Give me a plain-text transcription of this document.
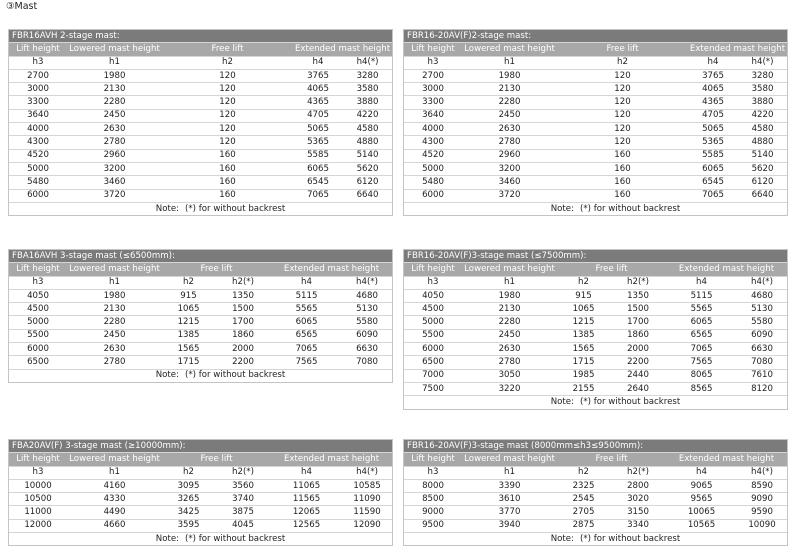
③Mast
FBR16AVH 2-stage mast:				
Lift height	Lowered mast height	Free lift	Extended mast height	
h3	h1	h2	h4	h4(*)
2700	1980	120	3765	3280
3000	2130	120	4065	3580
3300	2280	120	4365	3880
3640	2450	120	4705	4220
4000	2630	120	5065	4580
4300	2780	120	5365	4880
4520	2960	160	5585	5140
5000	3200	160	6065	5620
5480	3460	160	6545	6120
6000	3720	160	7065	6640
Note: (*) for without backrest				
FBR16-20AV(F)2-stage mast:				
Lift height	Lowered mast height	Free lift	Extended mast height	
h3	h1	h2	h4	h4(*)
2700	1980	120	3765	3280
3000	2130	120	4065	3580
3300	2280	120	4365	3880
3640	2450	120	4705	4220
4000	2630	120	5065	4580
4300	2780	120	5365	4880
4520	2960	160	5585	5140
5000	3200	160	6065	5620
5480	3460	160	6545	6120
6000	3720	160	7065	6640
Note: (*) for without backrest				
FBA16AVH 3-stage mast (≤6500mm):					
Lift height	Lowered mast height	Free lift		Extended mast height	
h3	h1	h2	h2(*)	h4	h4(*)
4050	1980	915	1350	5115	4680
4500	2130	1065	1500	5565	5130
5000	2280	1215	1700	6065	5580
5500	2450	1385	1860	6565	6090
6000	2630	1565	2000	7065	6630
6500	2780	1715	2200	7565	7080
Note: (*) for without backrest					
FBR16-20AV(F)3-stage mast (≤7500mm):					
Lift height	Lowered mast height	Free lift		Extended mast height	
h3	h1	h2	h2(*)	h4	h4(*)
4050	1980	915	1350	5115	4680
4500	2130	1065	1500	5565	5130
5000	2280	1215	1700	6065	5580
5500	2450	1385	1860	6565	6090
6000	2630	1565	2000	7065	6630
6500	2780	1715	2200	7565	7080
7000	3050	1985	2440	8065	7610
7500	3220	2155	2640	8565	8120
Note: (*) for without backrest					
FBA20AV(F) 3-stage mast (≥10000mm):					
Lift height	Lowered mast height	Free lift		Extended mast height	
h3	h1	h2	h2(*)	h4	h4(*)
10000	4160	3095	3560	11065	10585
10500	4330	3265	3740	11565	11090
11000	4490	3425	3875	12065	11590
12000	4660	3595	4045	12565	12090
Note: (*) for without backrest					
FBR16-20AV(F)3-stage mast (8000mm≤h3≤9500mm):					
Lift height	Lowered mast height	Free lift		Extended mast height	
h3	h1	h2	h2(*)	h4	h4(*)
8000	3390	2325	2800	9065	8590
8500	3610	2545	3020	9565	9090
9000	3770	2705	3150	10065	9590
9500	3940	2875	3340	10565	10090
Note: (*) for without backrest					
